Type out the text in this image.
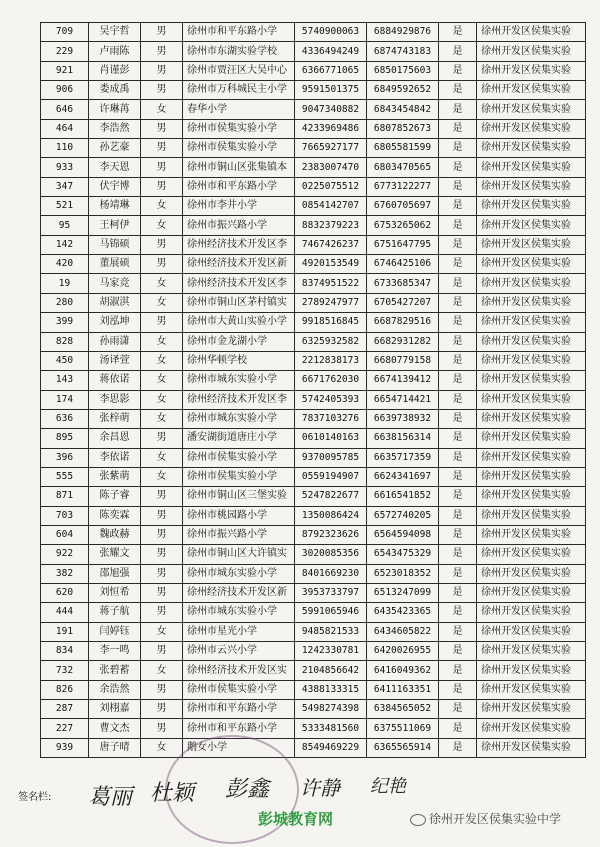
709	吴宇哲	男	徐州市和平东路小学	5740900063	6884929876	是	徐州开发区侯集实验
229	卢雨陈	男	徐州市东湖实验学校	4336494249	6874743183	是	徐州开发区侯集实验
921	肖谨彭	男	徐州市贾汪区大吴中心	6366771065	6850175603	是	徐州开发区侯集实验
906	娄成禹	男	徐州市万科城民主小学	9591501375	6849592652	是	徐州开发区侯集实验
646	许琳苒	女	春华小学	9047340882	6843454842	是	徐州开发区侯集实验
464	李浩然	男	徐州市侯集实验小学	4233969486	6807852673	是	徐州开发区侯集实验
110	孙艺豪	男	徐州市侯集实验小学	7665927177	6805581599	是	徐州开发区侯集实验
933	李天恩	男	徐州市铜山区张集镇本	2383007470	6803470565	是	徐州开发区侯集实验
347	伏宇博	男	徐州市和平东路小学	0225075512	6773122277	是	徐州开发区侯集实验
521	杨靖琳	女	徐州市李井小学	0854142707	6760705697	是	徐州开发区侯集实验
95	王柯伊	女	徐州市振兴路小学	8832379223	6753265062	是	徐州开发区侯集实验
142	马锦硕	男	徐州经济技术开发区李	7467426237	6751647795	是	徐州开发区侯集实验
420	董展硕	男	徐州经济技术开发区新	4920153549	6746425106	是	徐州开发区侯集实验
19	马家竞	女	徐州经济技术开发区李	8374951522	6733685347	是	徐州开发区侯集实验
280	胡淑淇	女	徐州市铜山区茅村镇实	2789247977	6705427207	是	徐州开发区侯集实验
399	刘泓坤	男	徐州市大黄山实验小学	9918516845	6687829516	是	徐州开发区侯集实验
828	孙雨潇	女	徐州市金龙湖小学	6325932582	6682931282	是	徐州开发区侯集实验
450	汤译萱	女	徐州华顿学校	2212838173	6680779158	是	徐州开发区侯集实验
143	蒋依诺	女	徐州市城东实验小学	6671762030	6674139412	是	徐州开发区侯集实验
174	李思影	女	徐州经济技术开发区李	5742405393	6654714421	是	徐州开发区侯集实验
636	张梓萌	女	徐州市城东实验小学	7837103276	6639738932	是	徐州开发区侯集实验
895	余昌恩	男	潘安湖街道唐庄小学	0610140163	6638156314	是	徐州开发区侯集实验
396	李依诺	女	徐州市侯集实验小学	9370095785	6635717359	是	徐州开发区侯集实验
555	张紫萌	女	徐州市侯集实验小学	0559194907	6624341697	是	徐州开发区侯集实验
871	陈子睿	男	徐州市铜山区三堡实验	5247822677	6616541852	是	徐州开发区侯集实验
703	陈奕霖	男	徐州市桃园路小学	1350086424	6572740205	是	徐州开发区侯集实验
604	魏政赫	男	徐州市振兴路小学	8792323626	6564594098	是	徐州开发区侯集实验
922	张耀文	男	徐州市铜山区大许镇实	3020085356	6543475329	是	徐州开发区侯集实验
382	邵旭强	男	徐州市城东实验小学	8401669230	6523018352	是	徐州开发区侯集实验
620	刘恒希	男	徐州经济技术开发区新	3953733797	6513247099	是	徐州开发区侯集实验
444	蒋子航	男	徐州市城东实验小学	5991065946	6435423365	是	徐州开发区侯集实验
191	闫婷钰	女	徐州市星光小学	9485821533	6434605822	是	徐州开发区侯集实验
834	李一鸣	男	徐州市云兴小学	1242330781	6420026955	是	徐州开发区侯集实验
732	张碧蓄	女	徐州经济技术开发区实	2104856642	6416049362	是	徐州开发区侯集实验
826	余浩然	男	徐州市侯集实验小学	4388133315	6411163351	是	徐州开发区侯集实验
287	刘栩嘉	男	徐州市和平东路小学	5498274398	6384565052	是	徐州开发区侯集实验
227	曹文杰	男	徐州市和平东路小学	5333481560	6375511069	是	徐州开发区侯集实验
939	唐子晴	女	鹅女小学	8549469229	6365565914	是	徐州开发区侯集实验
签名栏: 葛丽 杜颖 彭鑫 许静 纪艳
彭城教育网	徐州开发区侯集实验中学
